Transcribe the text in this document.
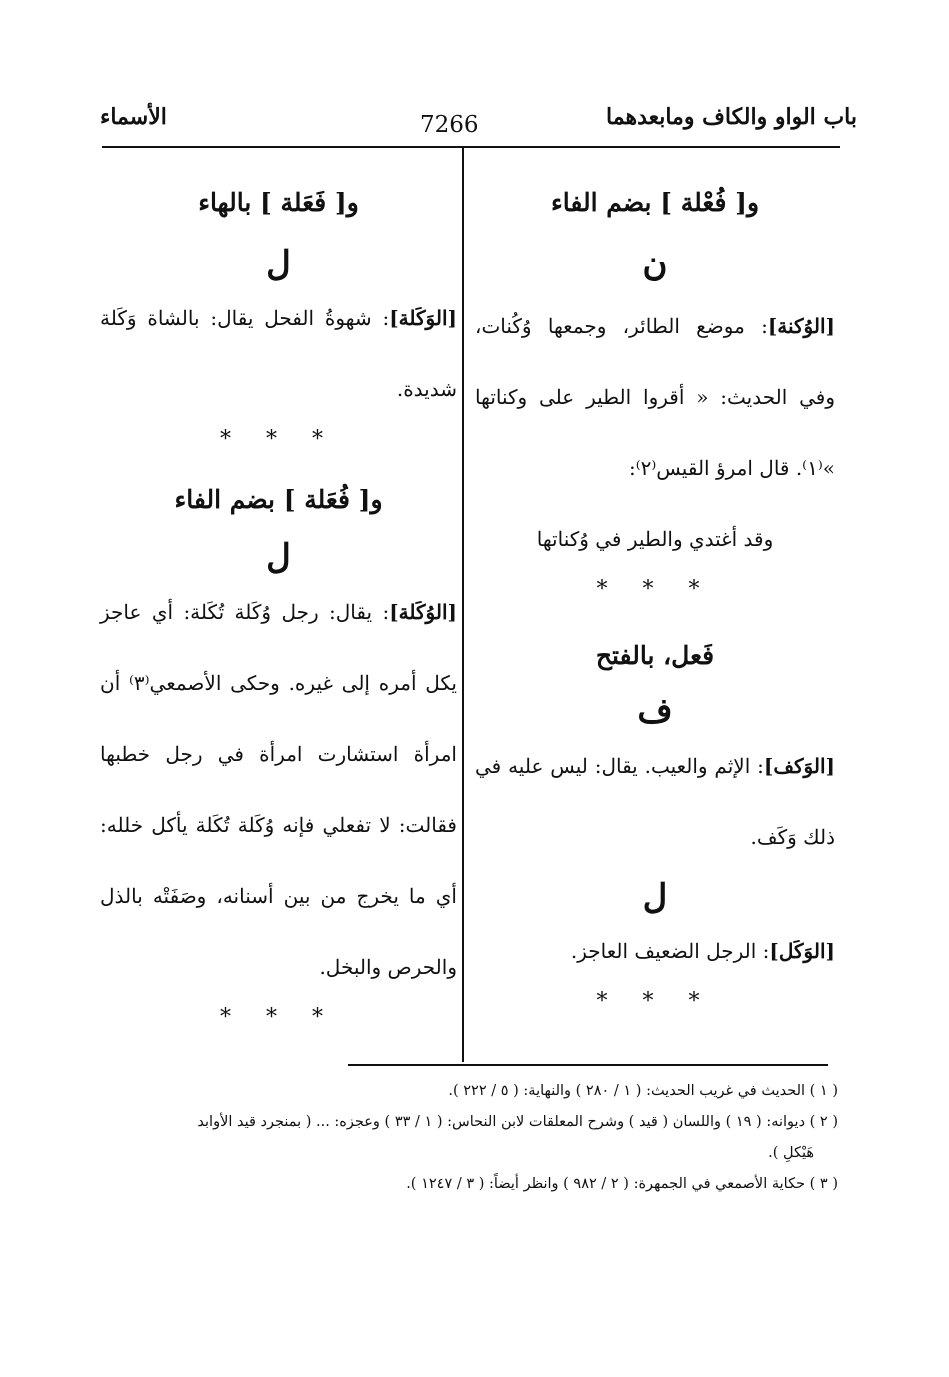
باب الواو والكاف ومابعدهما
7266
الأسماء
و[ فُعْلة ] بضم الفاء
ن
[الوُكنة]: موضع الطائر، وجمعها وُكُنات، وفي الحديث: « أقروا الطير على وكناتها »⁽١⁾. قال امرؤ القيس⁽٢⁾:
وقد أغتدي والطير في وُكناتها
* * *
فَعل، بالفتح
ف
[الوَكف]: الإثم والعيب. يقال: ليس عليه في ذلك وَكَف.
ل
[الوَكَل]: الرجل الضعيف العاجز.
* * *
و[ فَعَلة ] بالهاء
ل
[الوَكَلة]: شهوةُ الفحل يقال: بالشاة وَكَلة شديدة.
* * *
و[ فُعَلة ] بضم الفاء
ل
[الوُكَلة]: يقال: رجل وُكَلة تُكَلة: أي عاجز يكل أمره إلى غيره. وحكى الأصمعي⁽٣⁾ أن امرأة استشارت امرأة في رجل خطبها فقالت: لا تفعلي فإنه وُكَلة تُكَلة يأكل خلله: أي ما يخرج من بين أسنانه، وصَفَتْه بالذل والحرص والبخل.
* * *

( ١ ) الحديث في غريب الحديث: ( ١ / ٢٨٠ ) والنهاية: ( ٥ / ٢٢٢ ).

( ٢ ) ديوانه: ( ١٩ ) واللسان ( قيد ) وشرح المعلقات لابن النحاس: ( ١ / ٣٣ ) وعجزه: ... ( بمنجرد قيد الأوابد

هَيْكلِ ).

( ٣ ) حكاية الأصمعي في الجمهرة: ( ٢ / ٩٨٢ ) وانظر أيضاً: ( ٣ / ١٢٤٧ ).
